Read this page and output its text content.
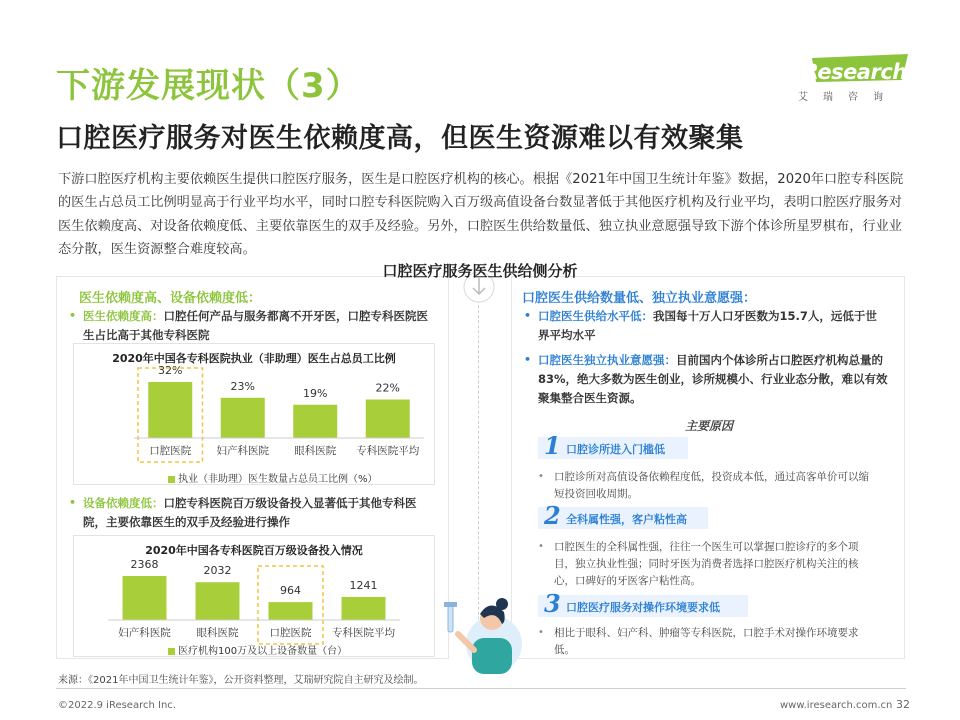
下游发展现状（3）
口腔医疗服务对医生依赖度高，但医生资源难以有效聚集
iResearch
艾瑞咨询
下游口腔医疗机构主要依赖医生提供口腔医疗服务，医生是口腔医疗机构的核心。根据《2021年中国卫生统计年鉴》数据，2020年口腔专科医院的医生占总员工比例明显高于行业平均水平，同时口腔专科医院购入百万级高值设备台数显著低于其他医疗机构及行业平均，表明口腔医疗服务对医生依赖度高、对设备依赖度低、主要依靠医生的双手及经验。另外，口腔医生供给数量低、独立执业意愿强导致下游个体诊所星罗棋布，行业业态分散，医生资源整合难度较高。
医生依赖度高、设备依赖度低：
• 医生依赖度高：口腔任何产品与服务都离不开牙医，口腔专科医院医生占比高于其他专科医院
2020年中国各专科医院执业（非助理）医生占总员工比例
32%
口腔医院
23%
妇产科医院
19%
眼科医院
22%
专科医院平均
执业（非助理）医生数量占总员工比例（%）
• 设备依赖度低：口腔专科医院百万级设备投入显著低于其他专科医院，主要依靠医生的双手及经验进行操作
2020年中国各专科医院百万级设备投入情况
2368
妇产科医院
2032
眼科医院
964
口腔医院
1241
专科医院平均
医疗机构100万及以上设备数量（台）
口腔医生供给数量低、独立执业意愿强：
• 口腔医生供给水平低：我国每十万人口牙医数为15.7人，远低于世界平均水平
• 口腔医生独立执业意愿强：目前国内个体诊所占口腔医疗机构总量的83%，绝大多数为医生创业，诊所规模小、行业业态分散，难以有效聚集整合医生资源。
主要原因
1 口腔诊所进入门槛低
• 口腔诊所对高值设备依赖程度低，投资成本低，通过高客单价可以缩短投资回收周期。
2 全科属性强，客户粘性高
• 口腔医生的全科属性强，往往一个医生可以掌握口腔诊疗的多个项目，独立执业性强；同时牙医为消费者选择口腔医疗机构关注的核心，口碑好的牙医客户粘性高。
3 口腔医疗服务对操作环境要求低
• 相比于眼科、妇产科、肿瘤等专科医院，口腔手术对操作环境要求低。
口腔医疗服务医生供给侧分析
来源：《2021年中国卫生统计年鉴》，公开资料整理，艾瑞研究院自主研究及绘制。
©2022.9 iResearch Inc.	www.iresearch.com.cn 32
